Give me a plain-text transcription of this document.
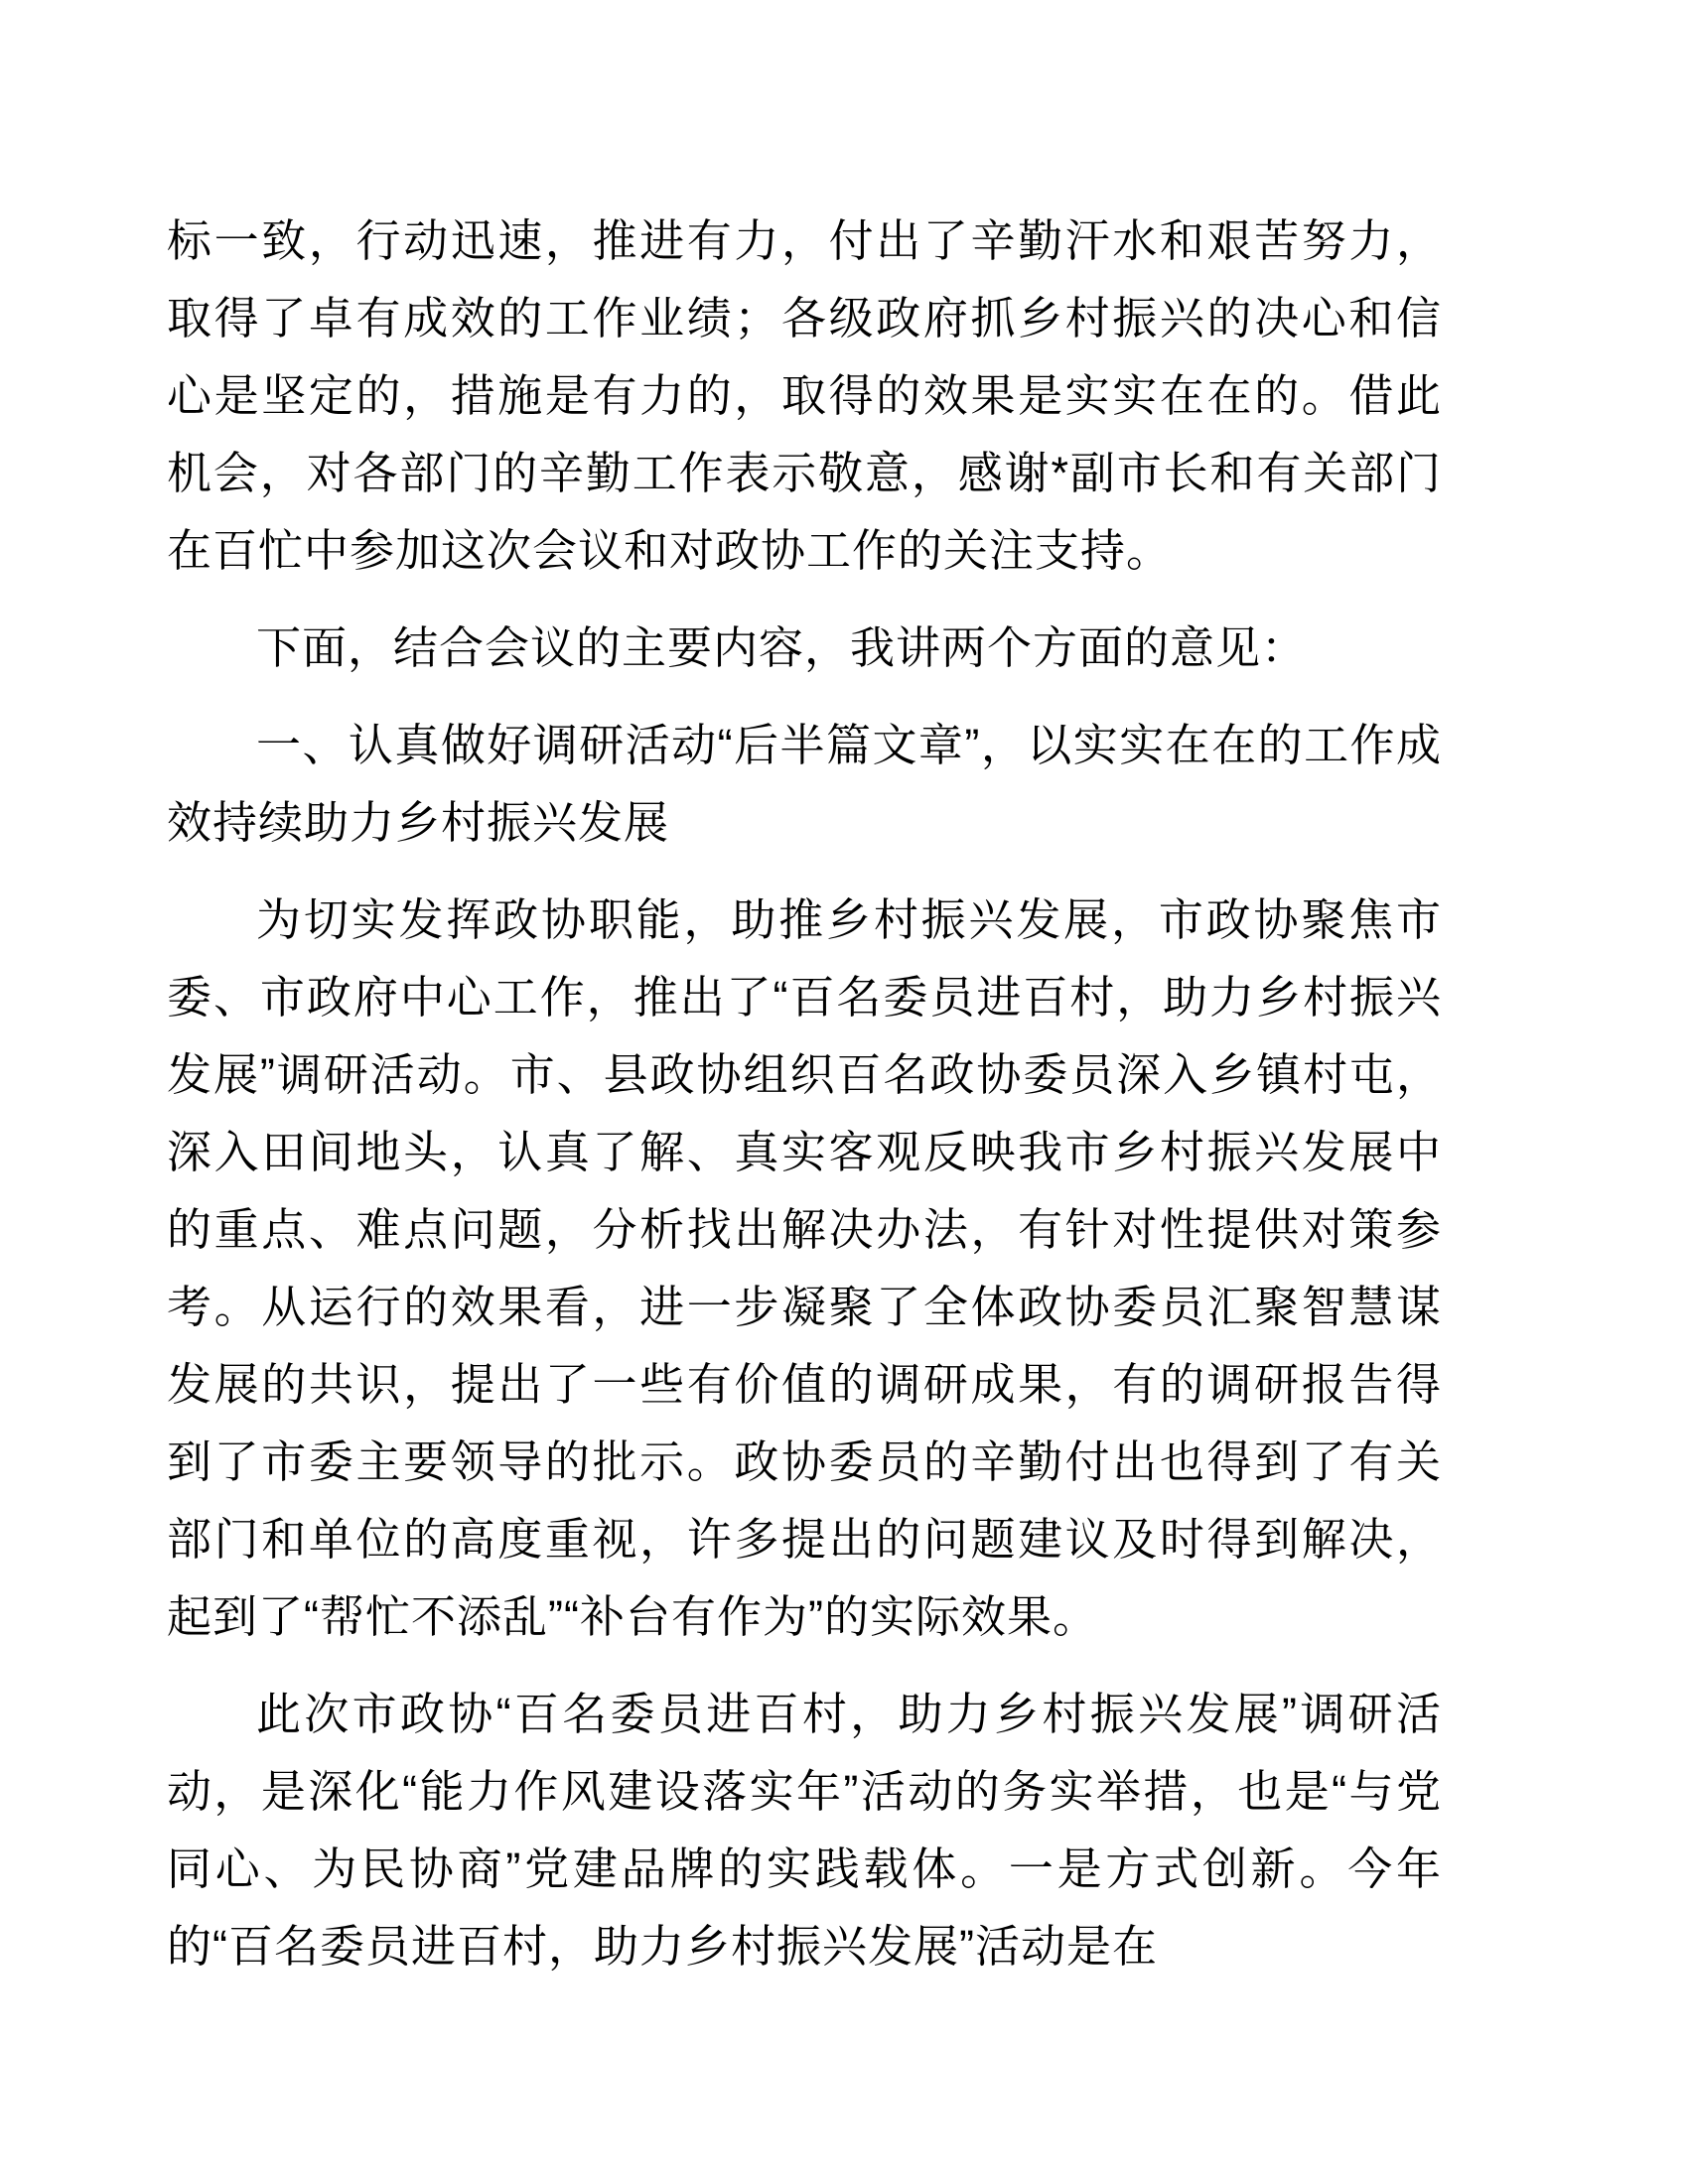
标一致，行动迅速，推进有力，付出了辛勤汗水和艰苦努力，取得了卓有成效的工作业绩；各级政府抓乡村振兴的决心和信心是坚定的，措施是有力的，取得的效果是实实在在的。借此机会，对各部门的辛勤工作表示敬意，感谢*副市长和有关部门在百忙中参加这次会议和对政协工作的关注支持。

下面，结合会议的主要内容，我讲两个方面的意见：

一、认真做好调研活动“后半篇文章”，以实实在在的工作成效持续助力乡村振兴发展

为切实发挥政协职能，助推乡村振兴发展，市政协聚焦市委、市政府中心工作，推出了“百名委员进百村，助力乡村振兴发展”调研活动。市、县政协组织百名政协委员深入乡镇村屯，深入田间地头，认真了解、真实客观反映我市乡村振兴发展中的重点、难点问题，分析找出解决办法，有针对性提供对策参考。从运行的效果看，进一步凝聚了全体政协委员汇聚智慧谋发展的共识，提出了一些有价值的调研成果，有的调研报告得到了市委主要领导的批示。政协委员的辛勤付出也得到了有关部门和单位的高度重视，许多提出的问题建议及时得到解决，起到了“帮忙不添乱”“补台有作为”的实际效果。

此次市政协“百名委员进百村，助力乡村振兴发展”调研活动，是深化“能力作风建设落实年”活动的务实举措，也是“与党同心、为民协商”党建品牌的实践载体。一是方式创新。今年的“百名委员进百村，助力乡村振兴发展”活动是在
